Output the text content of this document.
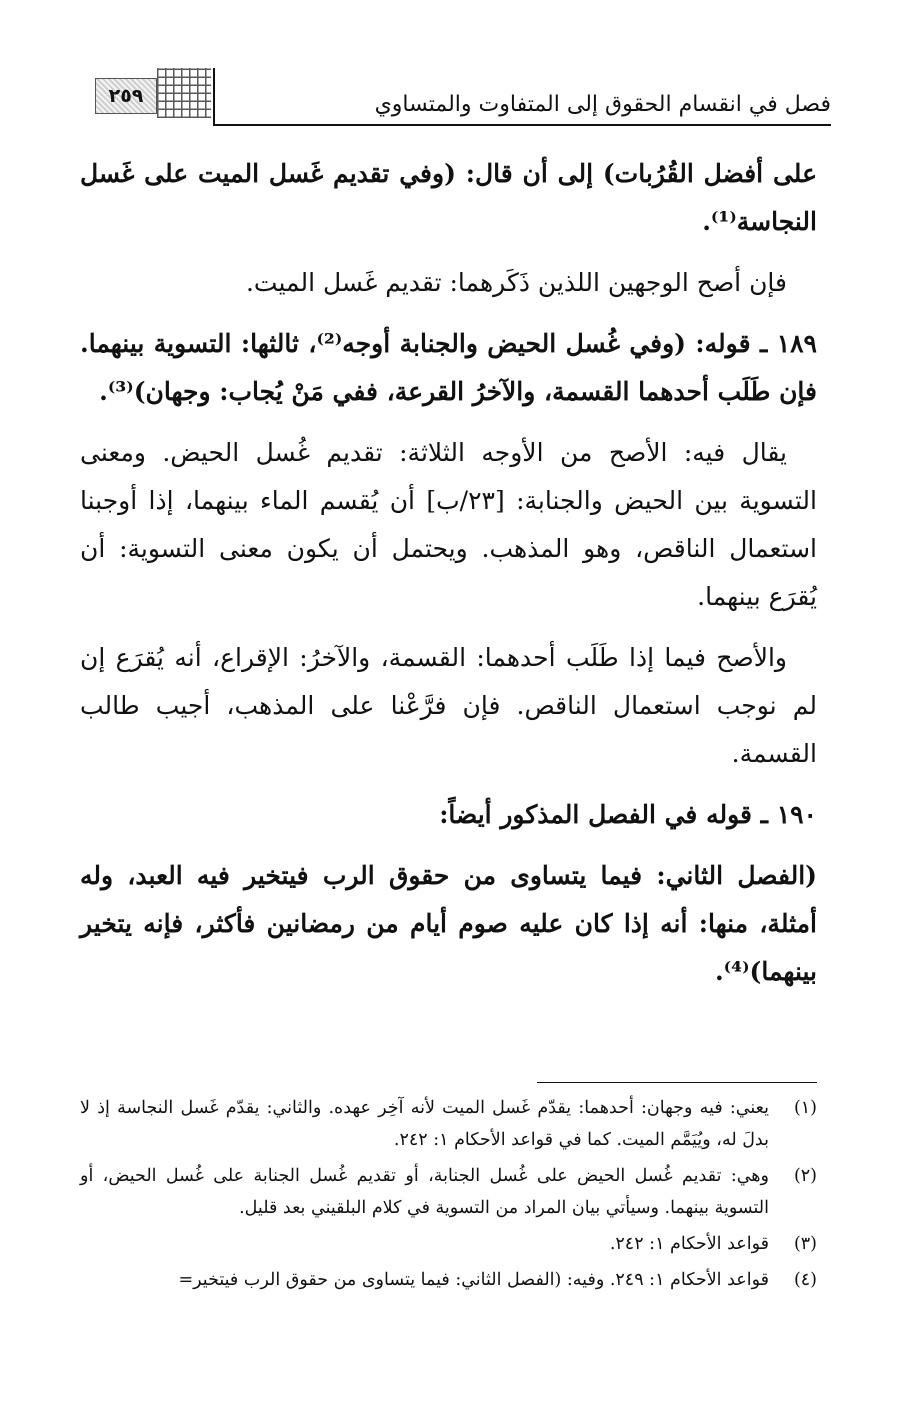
فصل في انقسام الحقوق إلى المتفاوت والمتساوي
٢٥٩

على أفضل القُرُبات) إلى أن قال: (وفي تقديم غَسل الميت على غَسل النجاسة⁽¹⁾.

فإن أصح الوجهين اللذين ذَكَرهما: تقديم غَسل الميت.

١٨٩ ـ قوله: (وفي غُسل الحيض والجنابة أوجه⁽²⁾، ثالثها: التسوية بينهما. فإن طَلَب أحدهما القسمة، والآخرُ القرعة، ففي مَنْ يُجاب: وجهان)⁽³⁾.

يقال فيه: الأصح من الأوجه الثلاثة: تقديم غُسل الحيض. ومعنى التسوية بين الحيض والجنابة: [٢٣/ب] أن يُقسم الماء بينهما، إذا أوجبنا استعمال الناقص، وهو المذهب. ويحتمل أن يكون معنى التسوية: أن يُقرَع بينهما.

والأصح فيما إذا طَلَب أحدهما: القسمة، والآخرُ: الإقراع، أنه يُقرَع إن لم نوجب استعمال الناقص. فإن فرَّعْنا على المذهب، أجيب طالب القسمة.

١٩٠ ـ قوله في الفصل المذكور أيضاً:

(الفصل الثاني: فيما يتساوى من حقوق الرب فيتخير فيه العبد، وله أمثلة، منها: أنه إذا كان عليه صوم أيام من رمضانين فأكثر، فإنه يتخير بينهما)⁽⁴⁾.

(١)
يعني: فيه وجهان: أحدهما: يقدّم غَسل الميت لأنه آخِر عهده. والثاني: يقدّم غَسل النجاسة إذ لا بدلَ له، ويُيَمَّم الميت. كما في قواعد الأحكام ١: ٢٤٢.
(٢)
وهي: تقديم غُسل الحيض على غُسل الجنابة، أو تقديم غُسل الجنابة على غُسل الحيض، أو التسوية بينهما. وسيأتي بيان المراد من التسوية في كلام البلقيني بعد قليل.
(٣)
قواعد الأحكام ١: ٢٤٢.
(٤)
قواعد الأحكام ١: ٢٤٩. وفيه: (الفصل الثاني: فيما يتساوى من حقوق الرب فيتخير=
